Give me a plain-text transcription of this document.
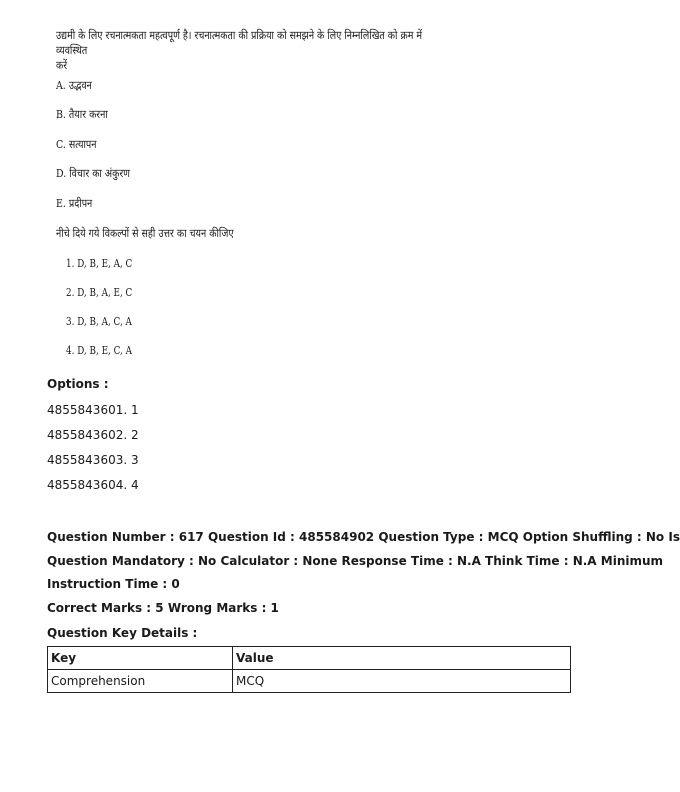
उद्यमी के लिए रचनात्मकता महत्वपूर्ण है। रचनात्मकता की प्रक्रिया को समझने के लिए निम्नलिखित को क्रम में व्यवस्थित

करें

A. उद्भवन
B. तैयार करना
C. सत्यापन
D. विचार का अंकुरण
E. प्रदीपन
नीचे दिये गये विकल्पों से सही उत्तर का चयन कीजिए
1. D, B, E, A, C
2. D, B, A, E, C
3. D, B, A, C, A
4. D, B, E, C, A
Options :
4855843601. 1
4855843602. 2
4855843603. 3
4855843604. 4
Question Number : 617 Question Id : 485584902 Question Type : MCQ Option Shuffling : No Is
Question Mandatory : No Calculator : None Response Time : N.A Think Time : N.A Minimum
Instruction Time : 0
Correct Marks : 5 Wrong Marks : 1
Question Key Details :
Key	Value
Comprehension	MCQ
